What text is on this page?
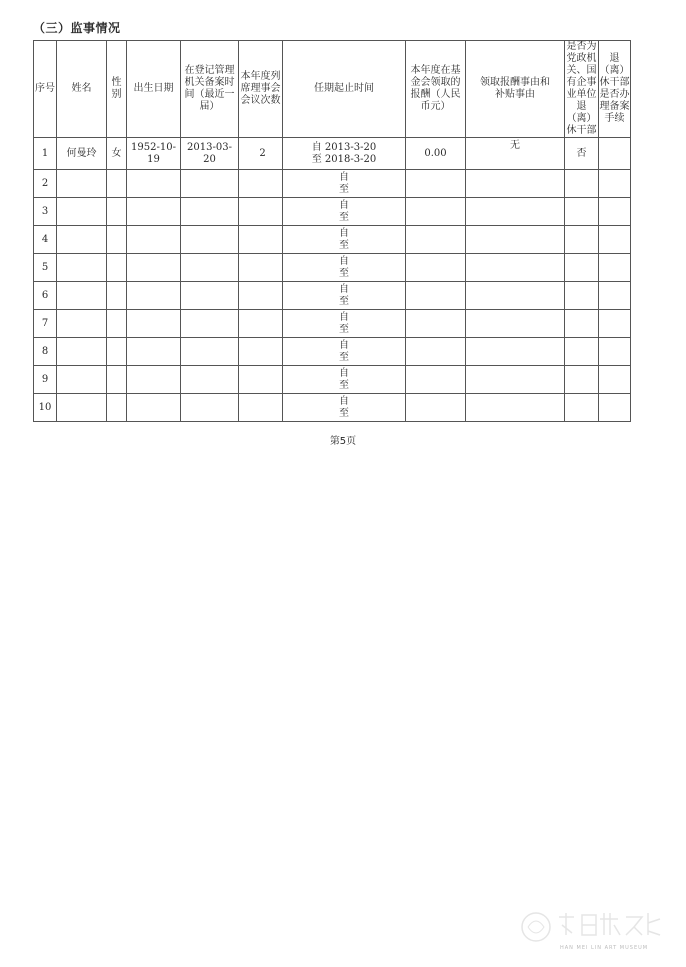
（三）监事情况
序号	姓名	性别	出生日期	在登记管理机关备案时间（最近一届）	本年度列席理事会会议次数	任期起止时间	本年度在基金会领取的报酬（人民币元）	领取报酬事由和补贴事由	是否为党政机关、国有企事业单位退（离）休干部	退（离）休干部是否办理备案手续
1	何曼玲	女	1952-10-19	2013-03-20	2	自 2013-3-20
至 2018-3-20	0.00	无	否	
2						自
至				

3						自
至				

4						自
至				

5						自
至				

6						自
至				

7						自
至				

8						自
至				

9						自
至				

10						自
至				

第5页
HAN MEI LIN ART MUSEUM
